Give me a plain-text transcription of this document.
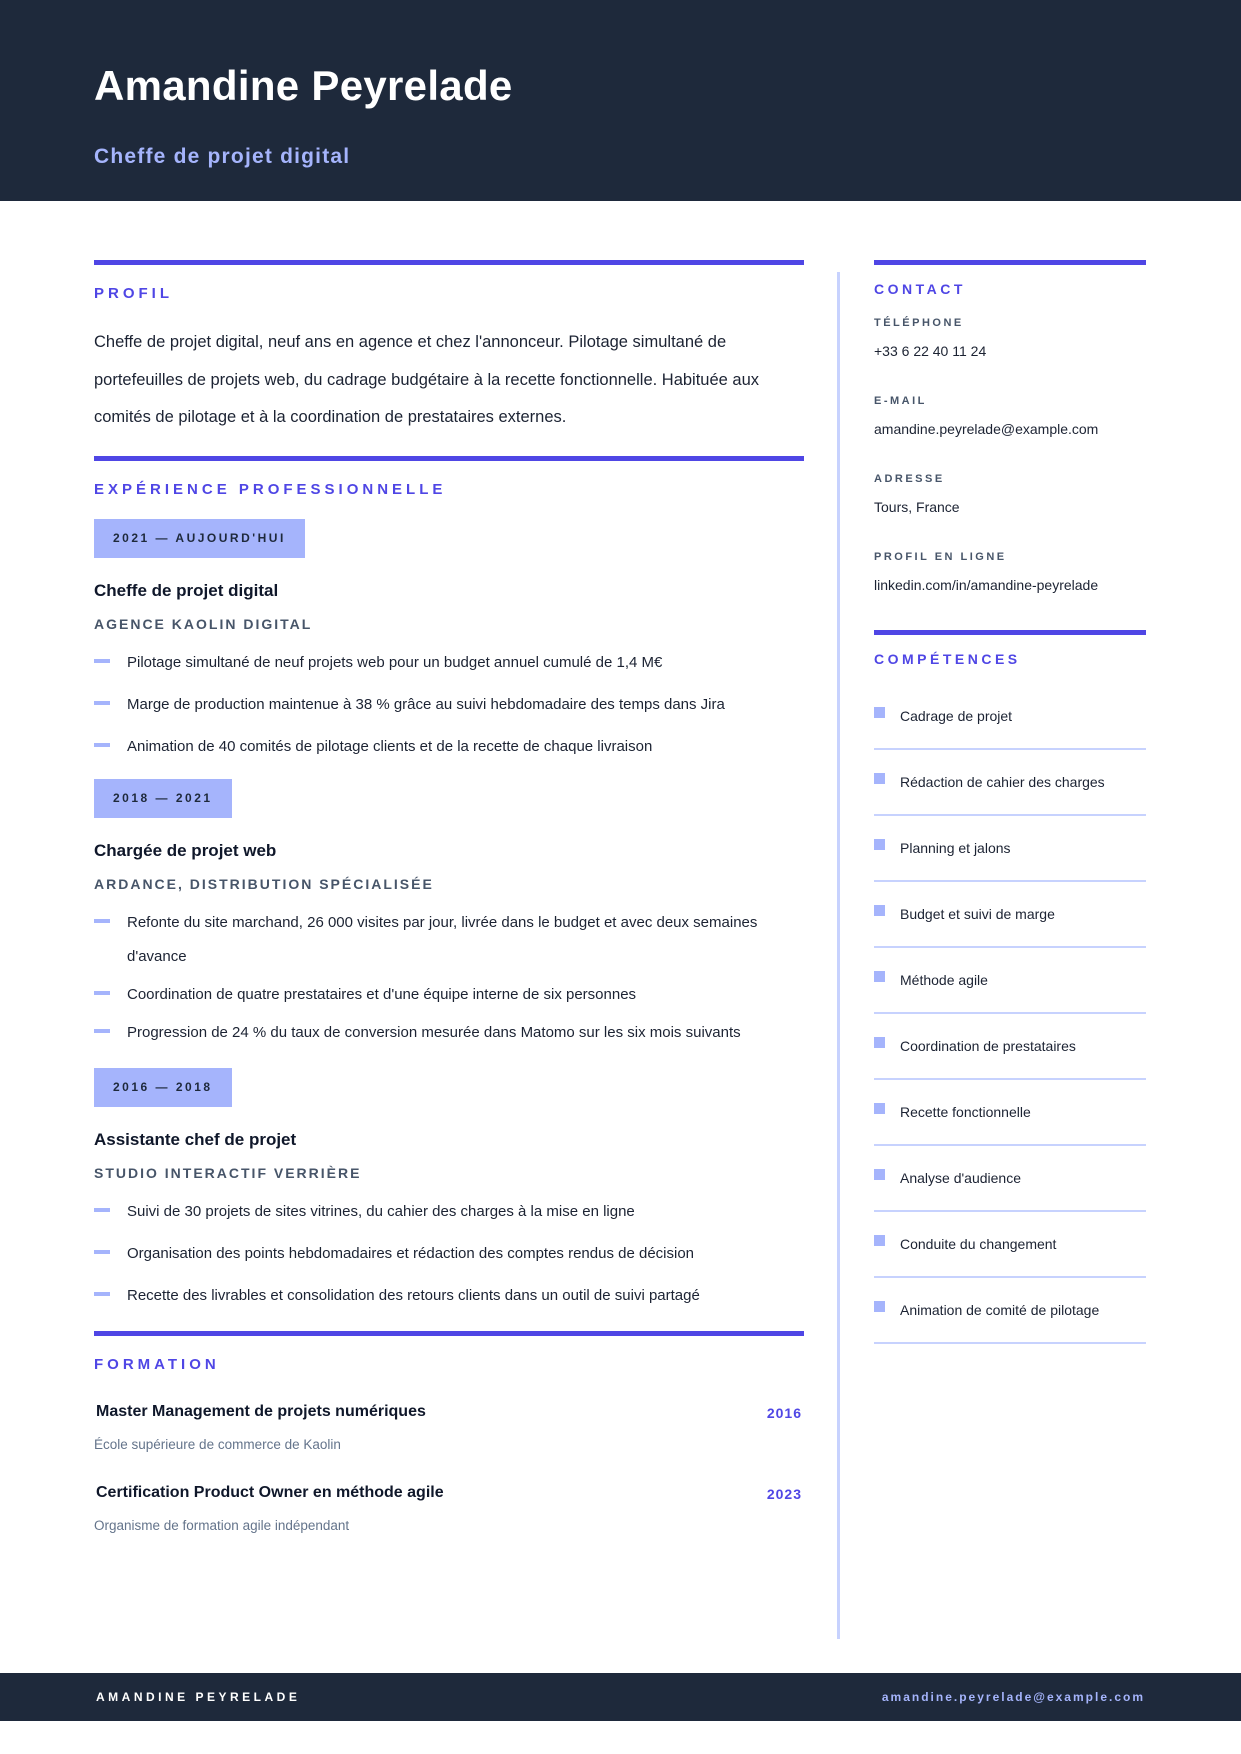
Amandine Peyrelade
Cheffe de projet digital
PROFIL
Cheffe de projet digital, neuf ans en agence et chez l'annonceur. Pilotage simultané de portefeuilles de projets web, du cadrage budgétaire à la recette fonctionnelle. Habituée aux comités de pilotage et à la coordination de prestataires externes.
EXPÉRIENCE PROFESSIONNELLE
2021 — AUJOURD'HUI
Cheffe de projet digital
AGENCE KAOLIN DIGITAL
Pilotage simultané de neuf projets web pour un budget annuel cumulé de 1,4 M€
Marge de production maintenue à 38 % grâce au suivi hebdomadaire des temps dans Jira
Animation de 40 comités de pilotage clients et de la recette de chaque livraison
2018 — 2021
Chargée de projet web
ARDANCE, DISTRIBUTION SPÉCIALISÉE
Refonte du site marchand, 26 000 visites par jour, livrée dans le budget et avec deux semaines d'avance
Coordination de quatre prestataires et d'une équipe interne de six personnes
Progression de 24 % du taux de conversion mesurée dans Matomo sur les six mois suivants
2016 — 2018
Assistante chef de projet
STUDIO INTERACTIF VERRIÈRE
Suivi de 30 projets de sites vitrines, du cahier des charges à la mise en ligne
Organisation des points hebdomadaires et rédaction des comptes rendus de décision
Recette des livrables et consolidation des retours clients dans un outil de suivi partagé
FORMATION
Master Management de projets numériques	2016
École supérieure de commerce de Kaolin
Certification Product Owner en méthode agile	2023
Organisme de formation agile indépendant
CONTACT
TÉLÉPHONE
+33 6 22 40 11 24
E-MAIL
amandine.peyrelade@example.com
ADRESSE
Tours, France
PROFIL EN LIGNE
linkedin.com/in/amandine-peyrelade
COMPÉTENCES
Cadrage de projet
Rédaction de cahier des charges
Planning et jalons
Budget et suivi de marge
Méthode agile
Coordination de prestataires
Recette fonctionnelle
Analyse d'audience
Conduite du changement
Animation de comité de pilotage
AMANDINE PEYRELADE	amandine.peyrelade@example.com
